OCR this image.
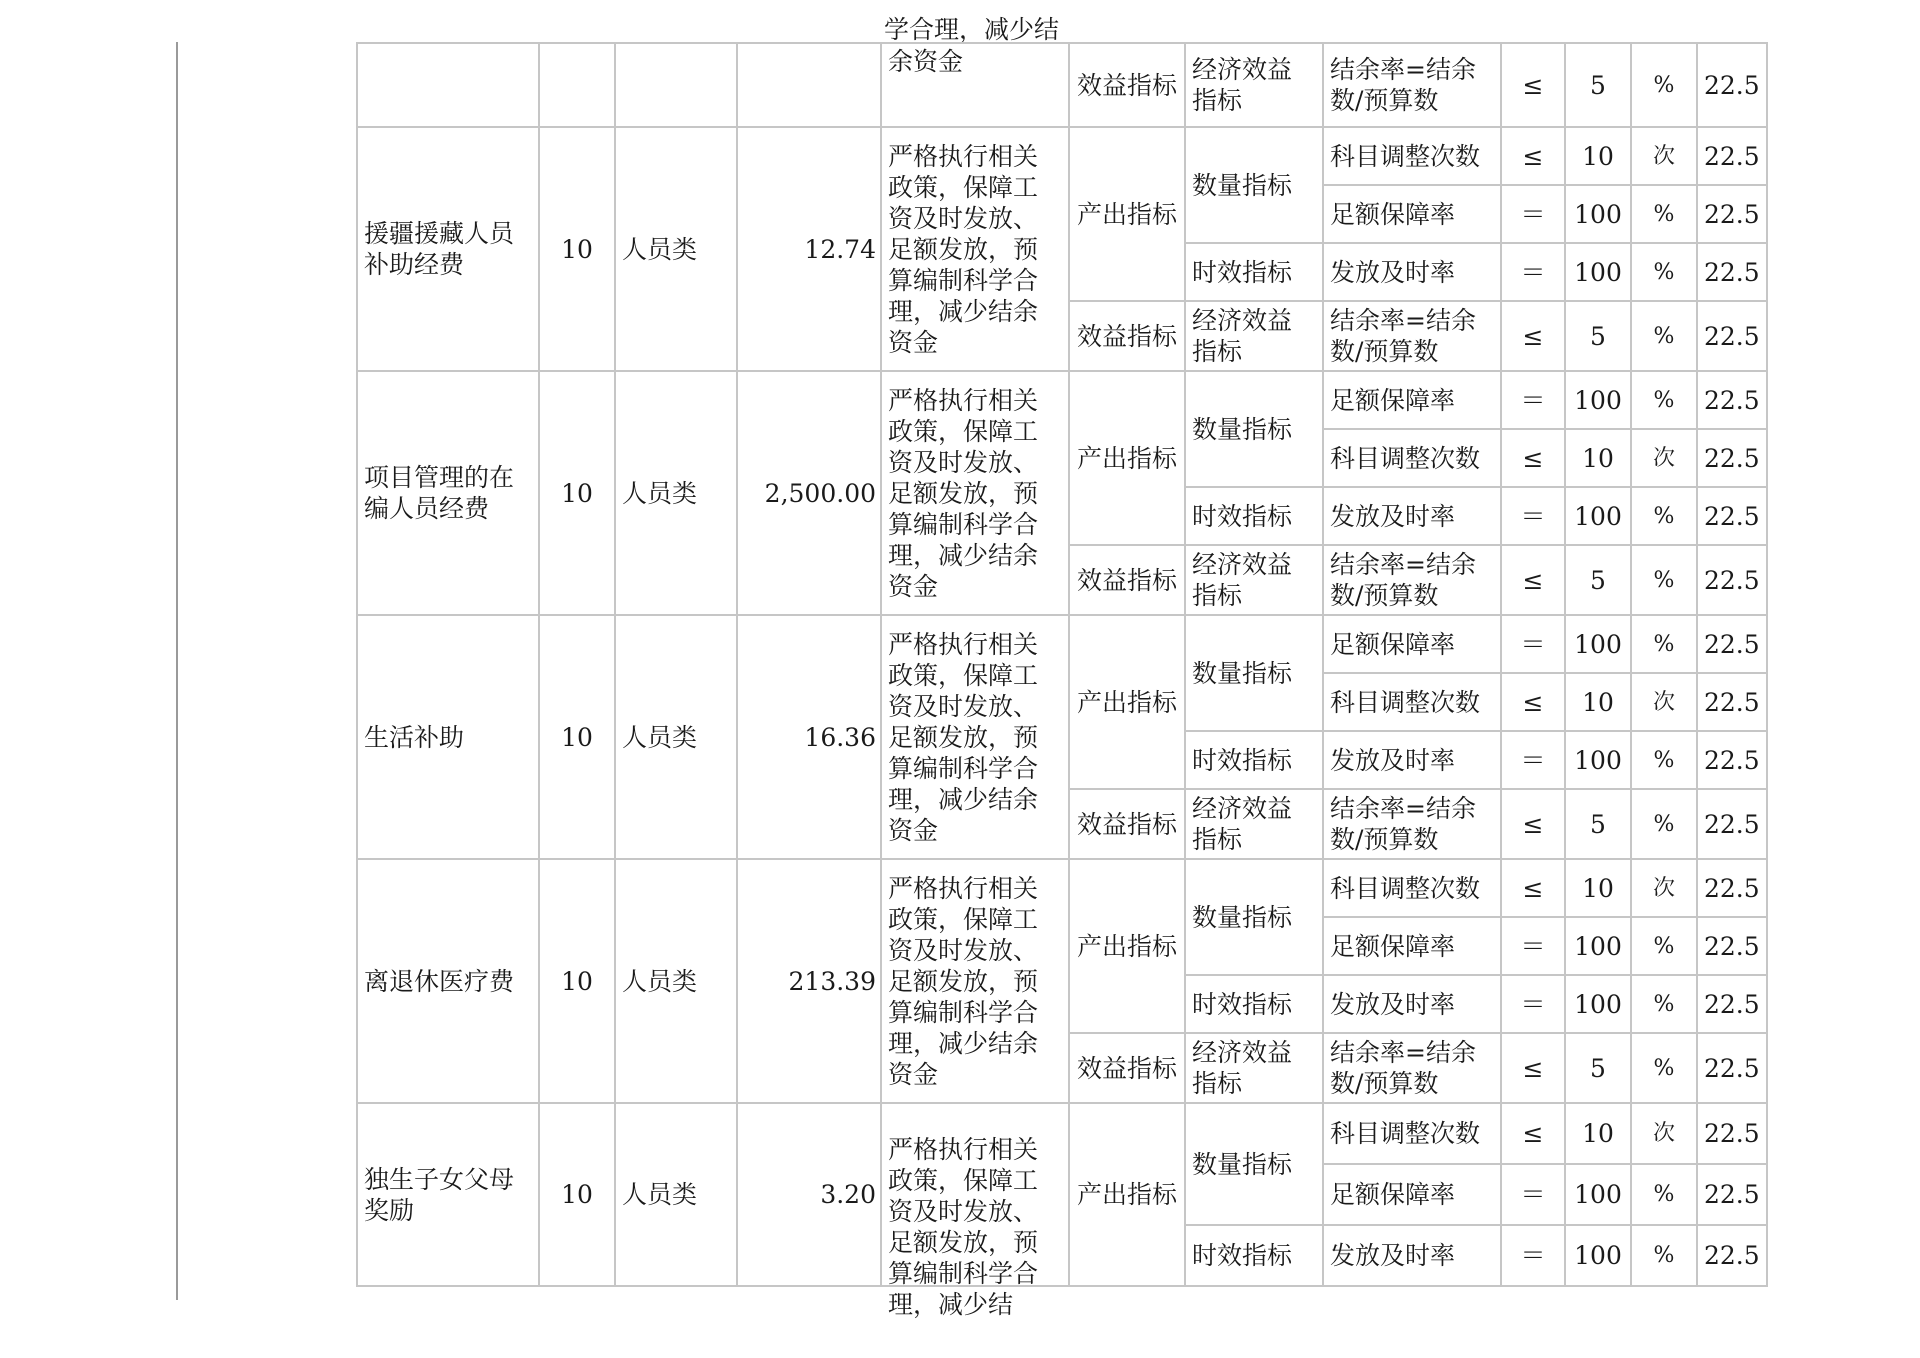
学合理，减少结

				余资金	效益指标	经济效益指标	结余率=结余数/预算数	≤	5	%	22.5
援疆援藏人员补助经费	10	人员类	12.74	严格执行相关政策，保障工资及时发放、足额发放，预算编制科学合理，减少结余资金	产出指标	数量指标	科目调整次数	≤	10	次	22.5
							足额保障率	＝	100	%	22.5
						时效指标	发放及时率	＝	100	%	22.5
					效益指标	经济效益指标	结余率=结余数/预算数	≤	5	%	22.5
项目管理的在编人员经费	10	人员类	2,500.00	严格执行相关政策，保障工资及时发放、足额发放，预算编制科学合理，减少结余资金	产出指标	数量指标	足额保障率	＝	100	%	22.5
							科目调整次数	≤	10	次	22.5
						时效指标	发放及时率	＝	100	%	22.5
					效益指标	经济效益指标	结余率=结余数/预算数	≤	5	%	22.5
生活补助	10	人员类	16.36	严格执行相关政策，保障工资及时发放、足额发放，预算编制科学合理，减少结余资金	产出指标	数量指标	足额保障率	＝	100	%	22.5
							科目调整次数	≤	10	次	22.5
						时效指标	发放及时率	＝	100	%	22.5
					效益指标	经济效益指标	结余率=结余数/预算数	≤	5	%	22.5
离退休医疗费	10	人员类	213.39	严格执行相关政策，保障工资及时发放、足额发放，预算编制科学合理，减少结余资金	产出指标	数量指标	科目调整次数	≤	10	次	22.5
							足额保障率	＝	100	%	22.5
						时效指标	发放及时率	＝	100	%	22.5
					效益指标	经济效益指标	结余率=结余数/预算数	≤	5	%	22.5
独生子女父母奖励	10	人员类	3.20	严格执行相关政策，保障工资及时发放、足额发放，预算编制科学合理，减少结	产出指标	数量指标	科目调整次数	≤	10	次	22.5
							足额保障率	＝	100	%	22.5
						时效指标	发放及时率	＝	100	%	22.5
